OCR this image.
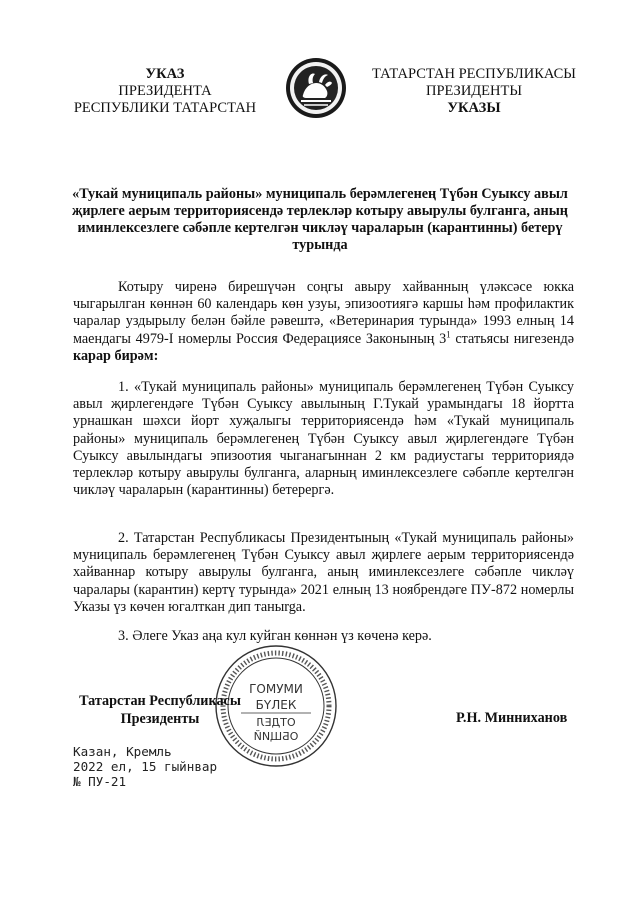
УКАЗ
ПРЕЗИДЕНТА
РЕСПУБЛИКИ ТАТАРСТАН
ТАТАРСТАН РЕСПУБЛИКАСЫ
ПРЕЗИДЕНТЫ
УКАЗЫ
«Тукай муниципаль районы» муниципаль берәмлегенең Түбән Суыксу авыл җирлеге аерым территориясендә терлекләр котыру авырулы булганга, аның иминлексезлеге сәбәпле кертелгән чикләү чараларын (карантинны) бетерү турында
Котыру чиренә бирешүчән соңгы авыру хайванның үләксәсе юкка чыгарылган көннән 60 календарь көн узуы, эпизоотиягә каршы һәм профилактик чаралар уздырылу белән бәйле рәвештә, «Ветеринария турында» 1993 елның 14 маендагы 4979-I номерлы Россия Федерациясе Законының $3^1$ статьясы нигезендә карар бирәм:
1. «Тукай муниципаль районы» муниципаль берәмлегенең Түбән Суыксу авыл җирлегендәге Түбән Суыксу авылының Г.Тукай урамындагы 18 йортта урнашкан шәхси йорт хуҗалыгы территориясендә һәм «Тукай муниципаль районы» муниципаль берәмлегенең Түбән Суыксу авыл җирлегендәге Түбән Суыксу авылындагы эпизоотия чыганагыннан 2 км радиустагы территориядә терлекләр котыру авырулы булганга, аларның иминлексезлеге сәбәпле кертелгән чикләү чараларын (карантинны) бетерергә.
2. Татарстан Республикасы Президентының «Тукай муниципаль районы» муниципаль берәмлегенең Түбән Суыксу авыл җирлеге аерым территориясендә хайваннар котыру авырулы булганга, аның иминлексезлеге сәбәпле чикләү чаралары (карантин) кертү турында» 2021 елның 13 ноябрендәге ПУ-872 номерлы Указы үз көчен югалткан дип таныrga.
3. Әлеге Указ аңа кул куйган көннән үз көченә керә.
ГОМУМИ
БҮЛЕК
ОТДЕЛ
ОБЩИЙ
Татарстан Республикасы
Президенты	Р.Н. Минниханов
Казан, Кремль
2022 ел, 15 гыйнвар
№ ПУ-21
